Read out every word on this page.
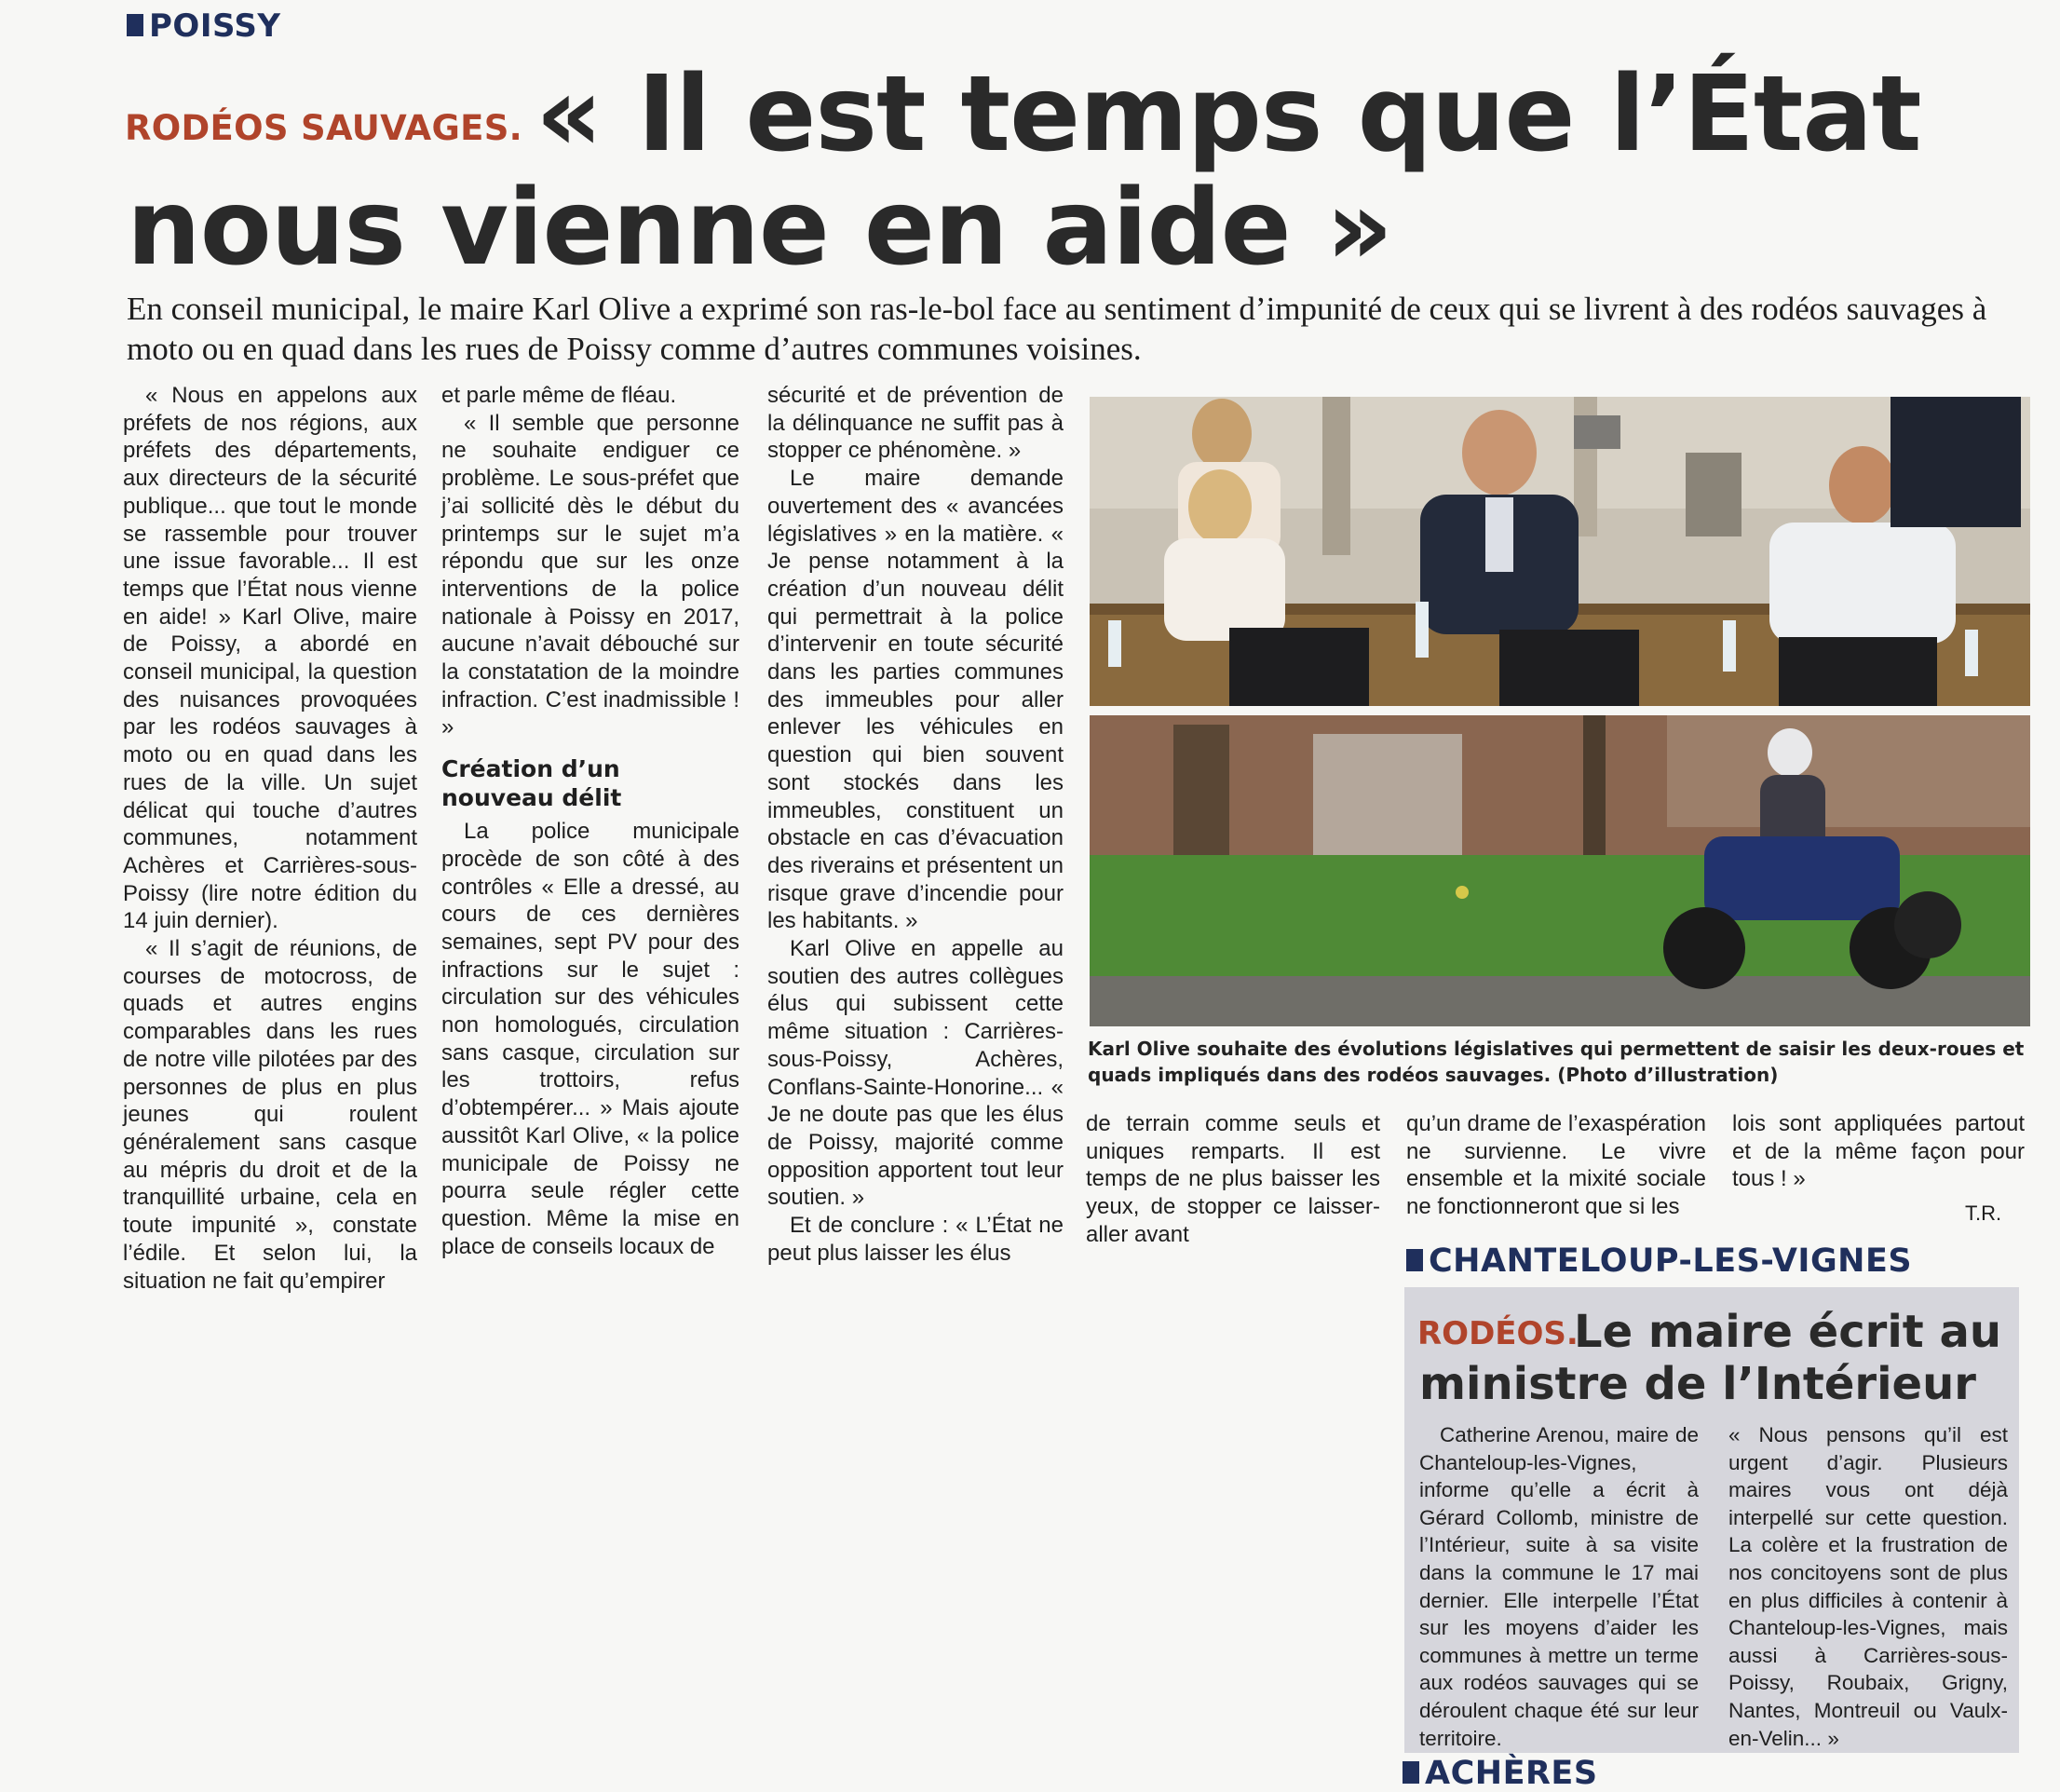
POISSY
RODÉOS SAUVAGES. « Il est temps que l’État
nous vienne en aide »
En conseil municipal, le maire Karl Olive a exprimé son ras-le-bol face au sentiment d’impunité de ceux qui se livrent à des rodéos sauvages à moto ou en quad dans les rues de Poissy comme d’autres communes voisines.

« Nous en appelons aux préfets de nos régions, aux préfets des départements, aux directeurs de la sécurité publique... que tout le monde se rassemble pour trouver une issue favorable... Il est temps que l’État nous vienne en aide! » Karl Olive, maire de Poissy, a abordé en conseil municipal, la question des nuisances provoquées par les rodéos sauvages à moto ou en quad dans les rues de la ville. Un sujet délicat qui touche d’autres communes, notamment Achères et Carrières-sous-Poissy (lire notre édition du 14 juin dernier).

« Il s’agit de réunions, de courses de motocross, de quads et autres engins comparables dans les rues de notre ville pilotées par des personnes de plus en plus jeunes qui roulent généralement sans casque au mépris du droit et de la tranquillité urbaine, cela en toute impunité », constate l’édile. Et selon lui, la situation ne fait qu’empirer

et parle même de fléau.

« Il semble que personne ne souhaite endiguer ce problème. Le sous-préfet que j’ai sollicité dès le début du printemps sur le sujet m’a répondu que sur les onze interventions de la police nationale à Poissy en 2017, aucune n’avait débouché sur la constatation de la moindre infraction. C’est inadmissible ! »

Création d’un nouveau délit

La police municipale procède de son côté à des contrôles « Elle a dressé, au cours de ces dernières semaines, sept PV pour des infractions sur le sujet : circulation sur des véhicules non homologués, circulation sans casque, circulation sur les trottoirs, refus d’obtempérer... » Mais ajoute aussitôt Karl Olive, « la police municipale de Poissy ne pourra seule régler cette question. Même la mise en place de conseils locaux de

sécurité et de prévention de la délinquance ne suffit pas à stopper ce phénomène. »

Le maire demande ouvertement des « avancées législatives » en la matière. « Je pense notamment à la création d’un nouveau délit qui permettrait à la police d’intervenir en toute sécurité dans les parties communes des immeubles pour aller enlever les véhicules en question qui bien souvent sont stockés dans les immeubles, constituent un obstacle en cas d’évacuation des riverains et présentent un risque grave d’incendie pour les habitants. »

Karl Olive en appelle au soutien des autres collègues élus qui subissent cette même situation : Carrières-sous-Poissy, Achères, Conflans-Sainte-Honorine... « Je ne doute pas que les élus de Poissy, majorité comme opposition apportent tout leur soutien. »

Et de conclure : « L’État ne peut plus laisser les élus

Karl Olive souhaite des évolutions législatives qui permettent de saisir les deux-roues et quads impliqués dans des rodéos sauvages. (Photo d’illustration)

de terrain comme seuls et uniques remparts. Il est temps de ne plus baisser les yeux, de stopper ce laisser-aller avant

qu’un drame de l’exaspération ne survienne. Le vivre ensemble et la mixité sociale ne fonctionneront que si les

lois sont appliquées partout et de la même façon pour tous ! »

T.R.
CHANTELOUP-LES-VIGNES
RODÉOS.
Le maire écrit au
ministre de l’Intérieur

Catherine Arenou, maire de Chanteloup-les-Vignes, informe qu’elle a écrit à Gérard Collomb, ministre de l’Intérieur, suite à sa visite dans la commune le 17 mai dernier. Elle interpelle l’État sur les moyens d’aider les communes à mettre un terme aux rodéos sauvages qui se déroulent chaque été sur leur territoire.

« Nous pensons qu’il est urgent d’agir. Plusieurs maires vous ont déjà interpellé sur cette question. La colère et la frustration de nos concitoyens sont de plus en plus difficiles à contenir à Chanteloup-les-Vignes, mais aussi à Carrières-sous-Poissy, Roubaix, Grigny, Nantes, Montreuil ou Vaulx-en-Velin... »

ACHÈRES
